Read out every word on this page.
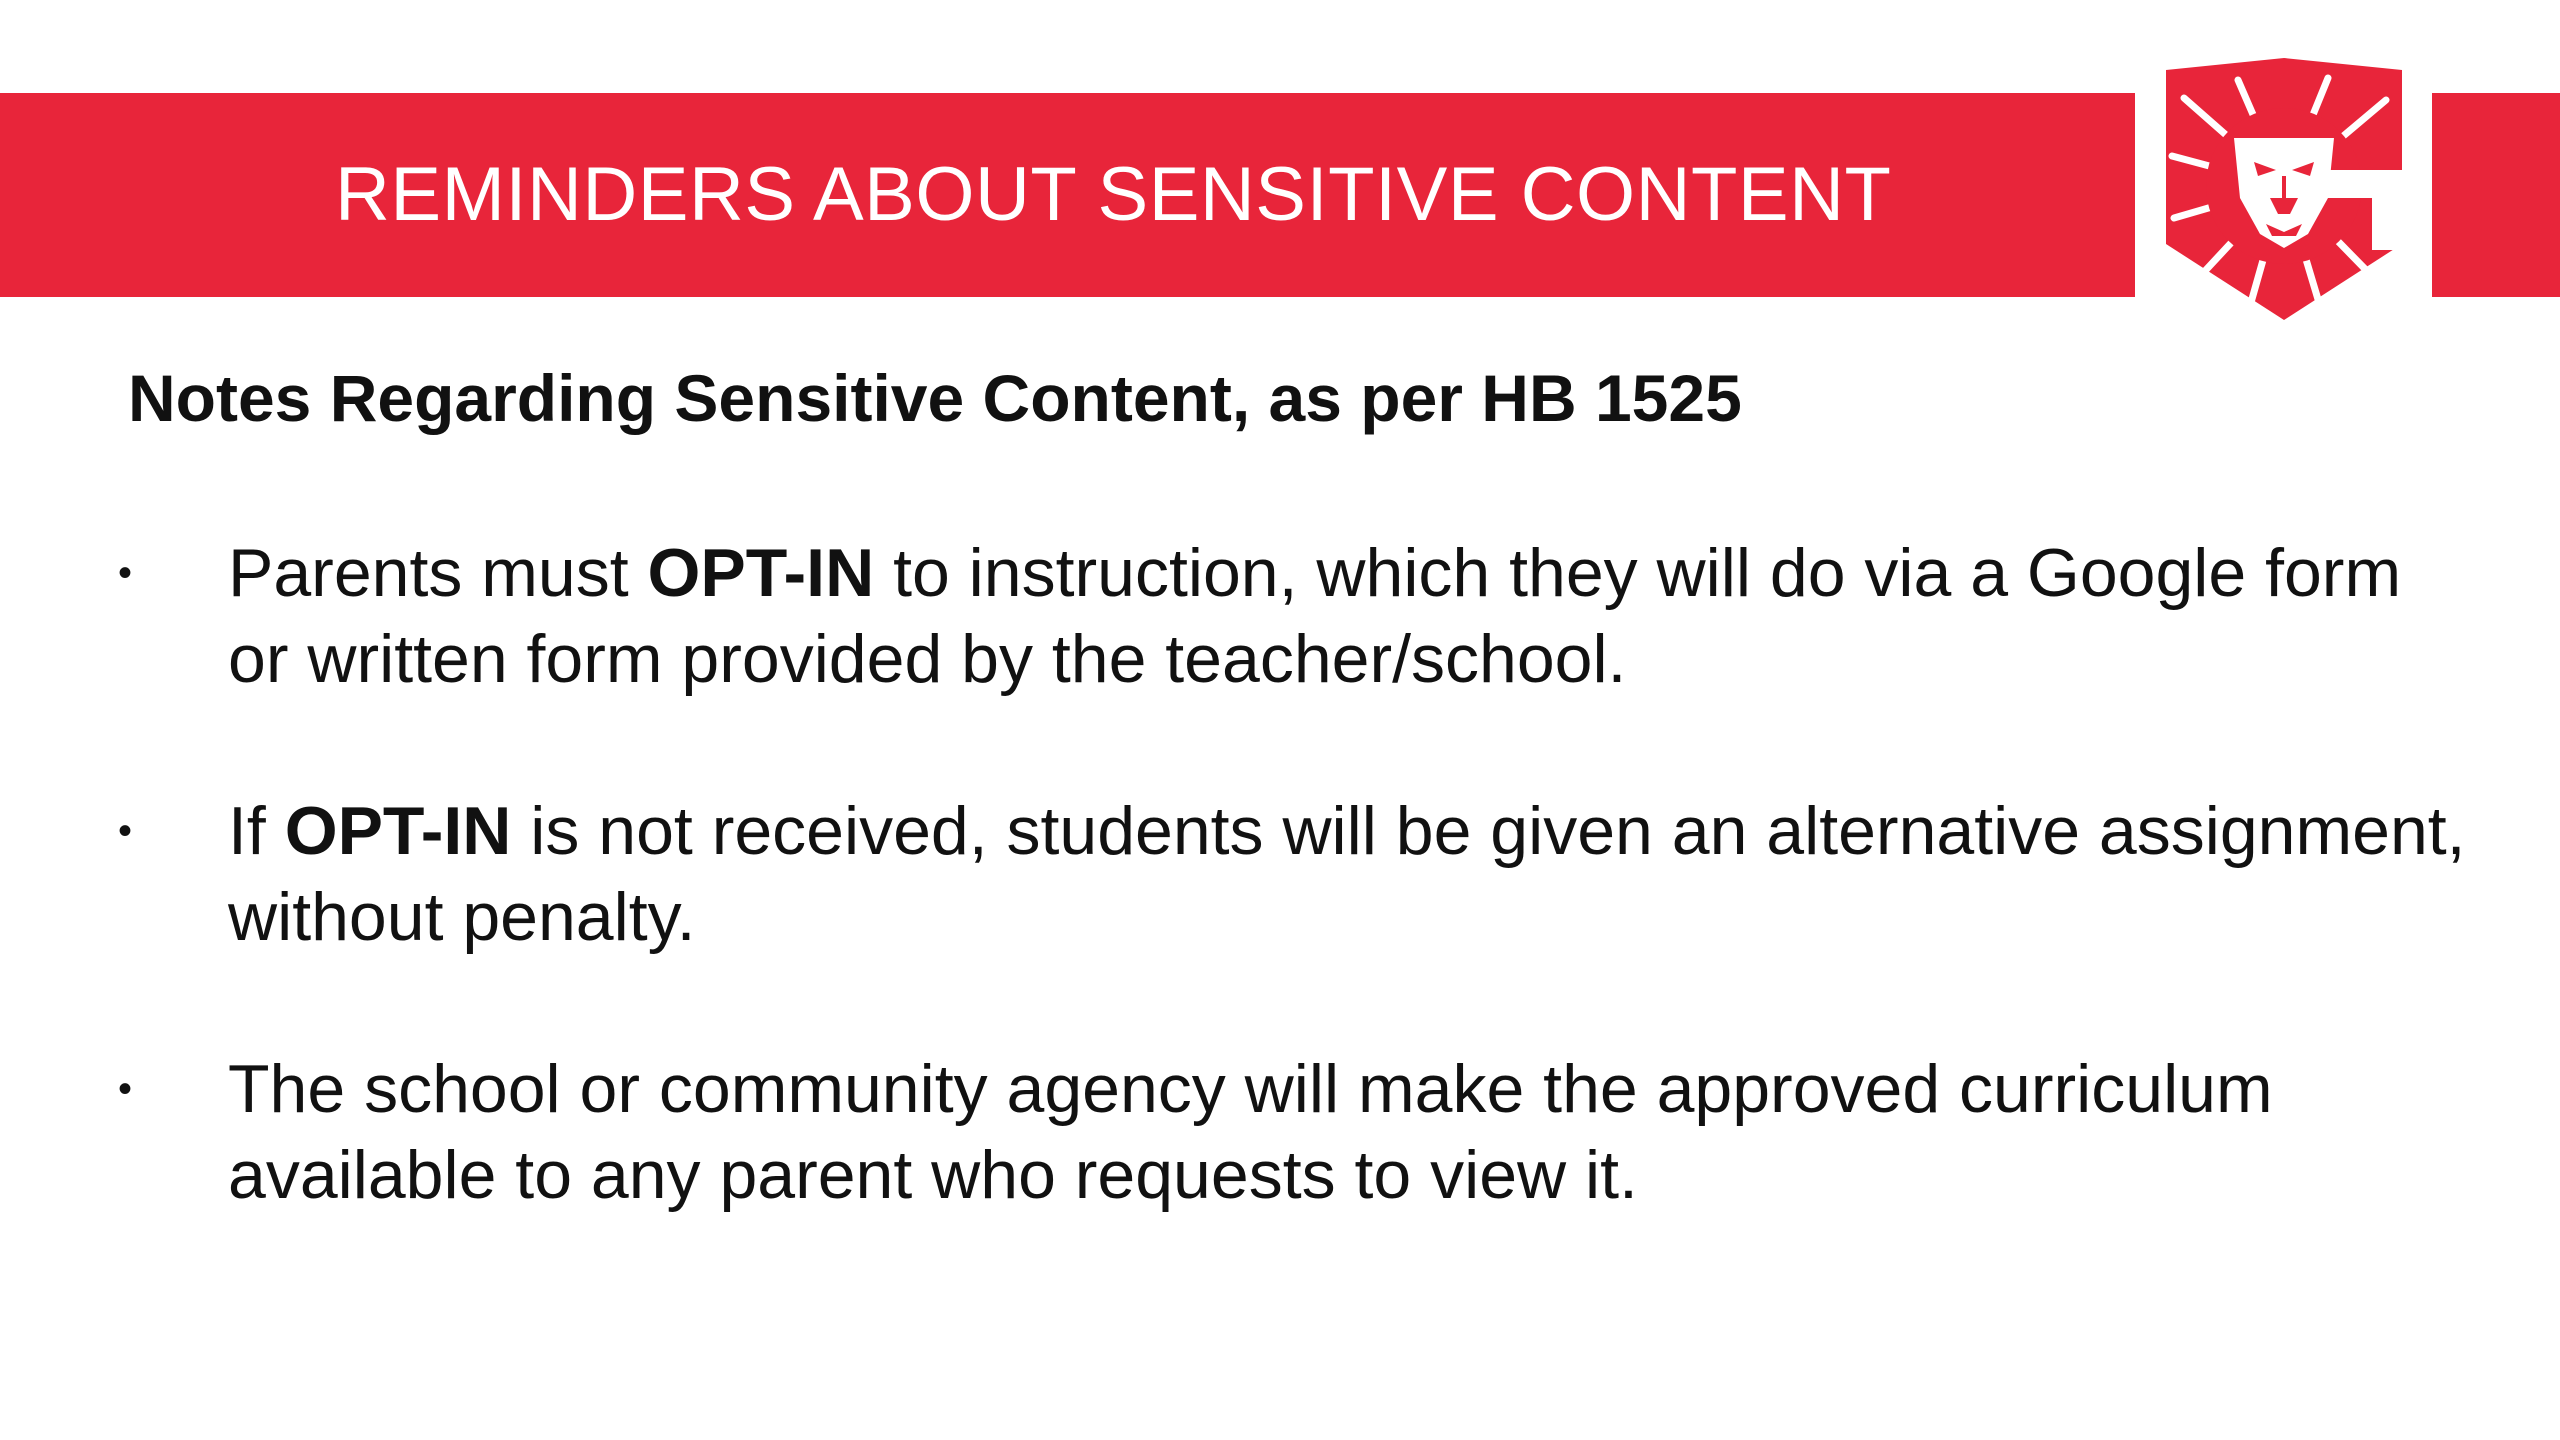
REMINDERS ABOUT SENSITIVE CONTENT
Notes Regarding Sensitive Content, as per HB 1525
• Parents must OPT-IN to instruction, which they will do via a Google form or written form provided by the teacher/school.
• If OPT-IN is not received, students will be given an alternative assignment, without penalty.
• The school or community agency will make the approved curriculum available to any parent who requests to view it.
